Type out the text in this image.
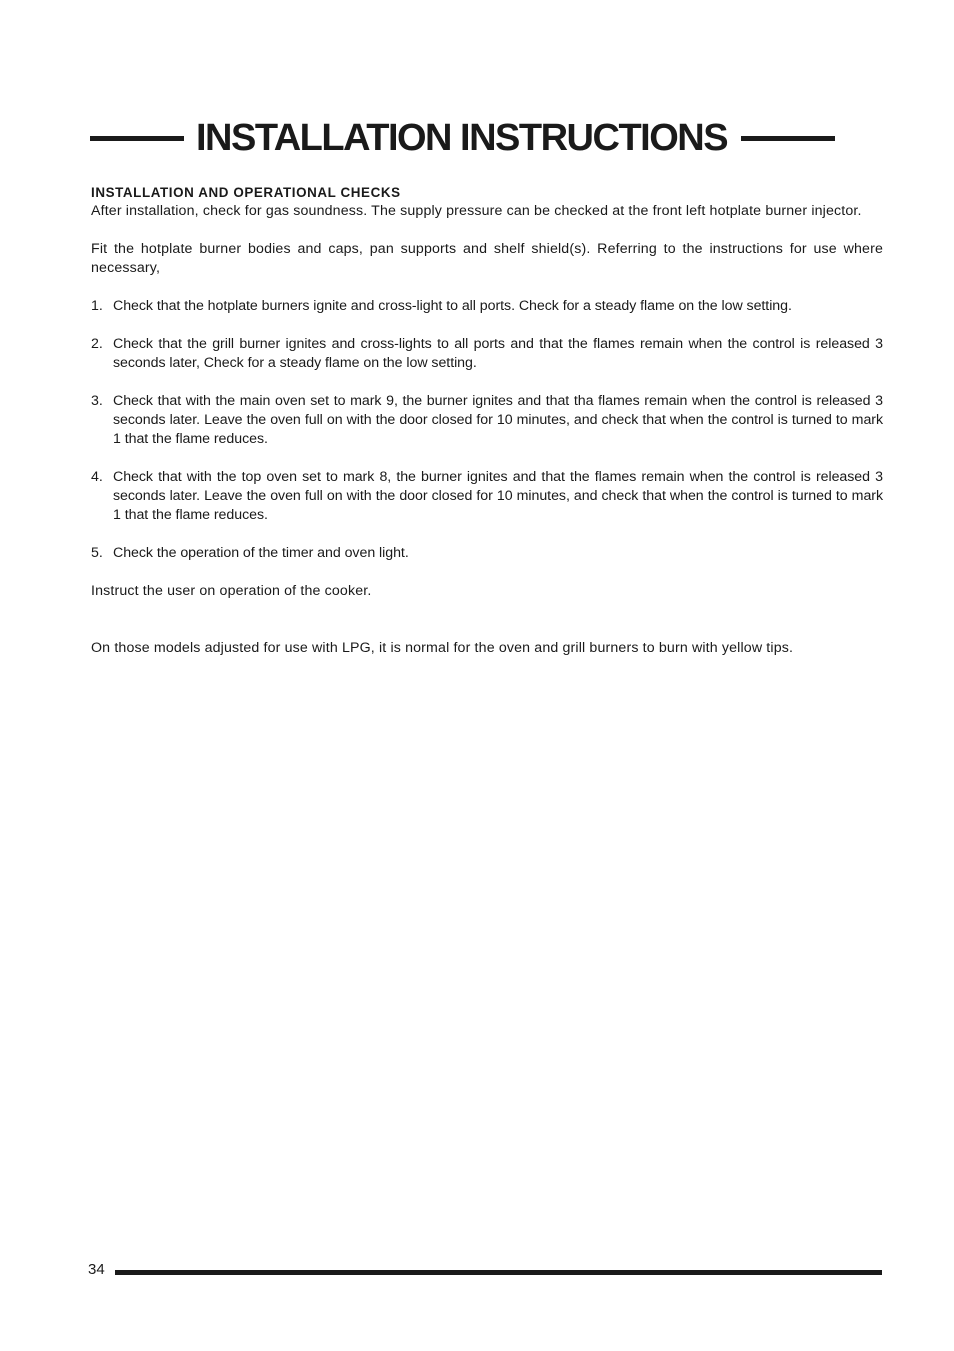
INSTALLATION INSTRUCTIONS
INSTALLATION AND OPERATIONAL CHECKS

After installation, check for gas soundness. The supply pressure can be checked at the front left hotplate burner injector.

Fit the hotplate burner bodies and caps, pan supports and shelf shield(s). Referring to the instructions for use where necessary,

1. Check that the hotplate burners ignite and cross-light to all ports. Check for a steady flame on the low setting.
2. Check that the grill burner ignites and cross-lights to all ports and that the flames remain when the control is released 3 seconds later, Check for a steady flame on the low setting.
3. Check that with the main oven set to mark 9, the burner ignites and that tha flames remain when the control is released 3 seconds later. Leave the oven full on with the door closed for 10 minutes, and check that when the control is turned to mark 1 that the flame reduces.
4. Check that with the top oven set to mark 8, the burner ignites and that the flames remain when the control is released 3 seconds later. Leave the oven full on with the door closed for 10 minutes, and check that when the control is turned to mark 1 that the flame reduces.
5. Check the operation of the timer and oven light.

Instruct the user on operation of the cooker.

On those models adjusted for use with LPG, it is normal for the oven and grill burners to burn with yellow tips.

34
